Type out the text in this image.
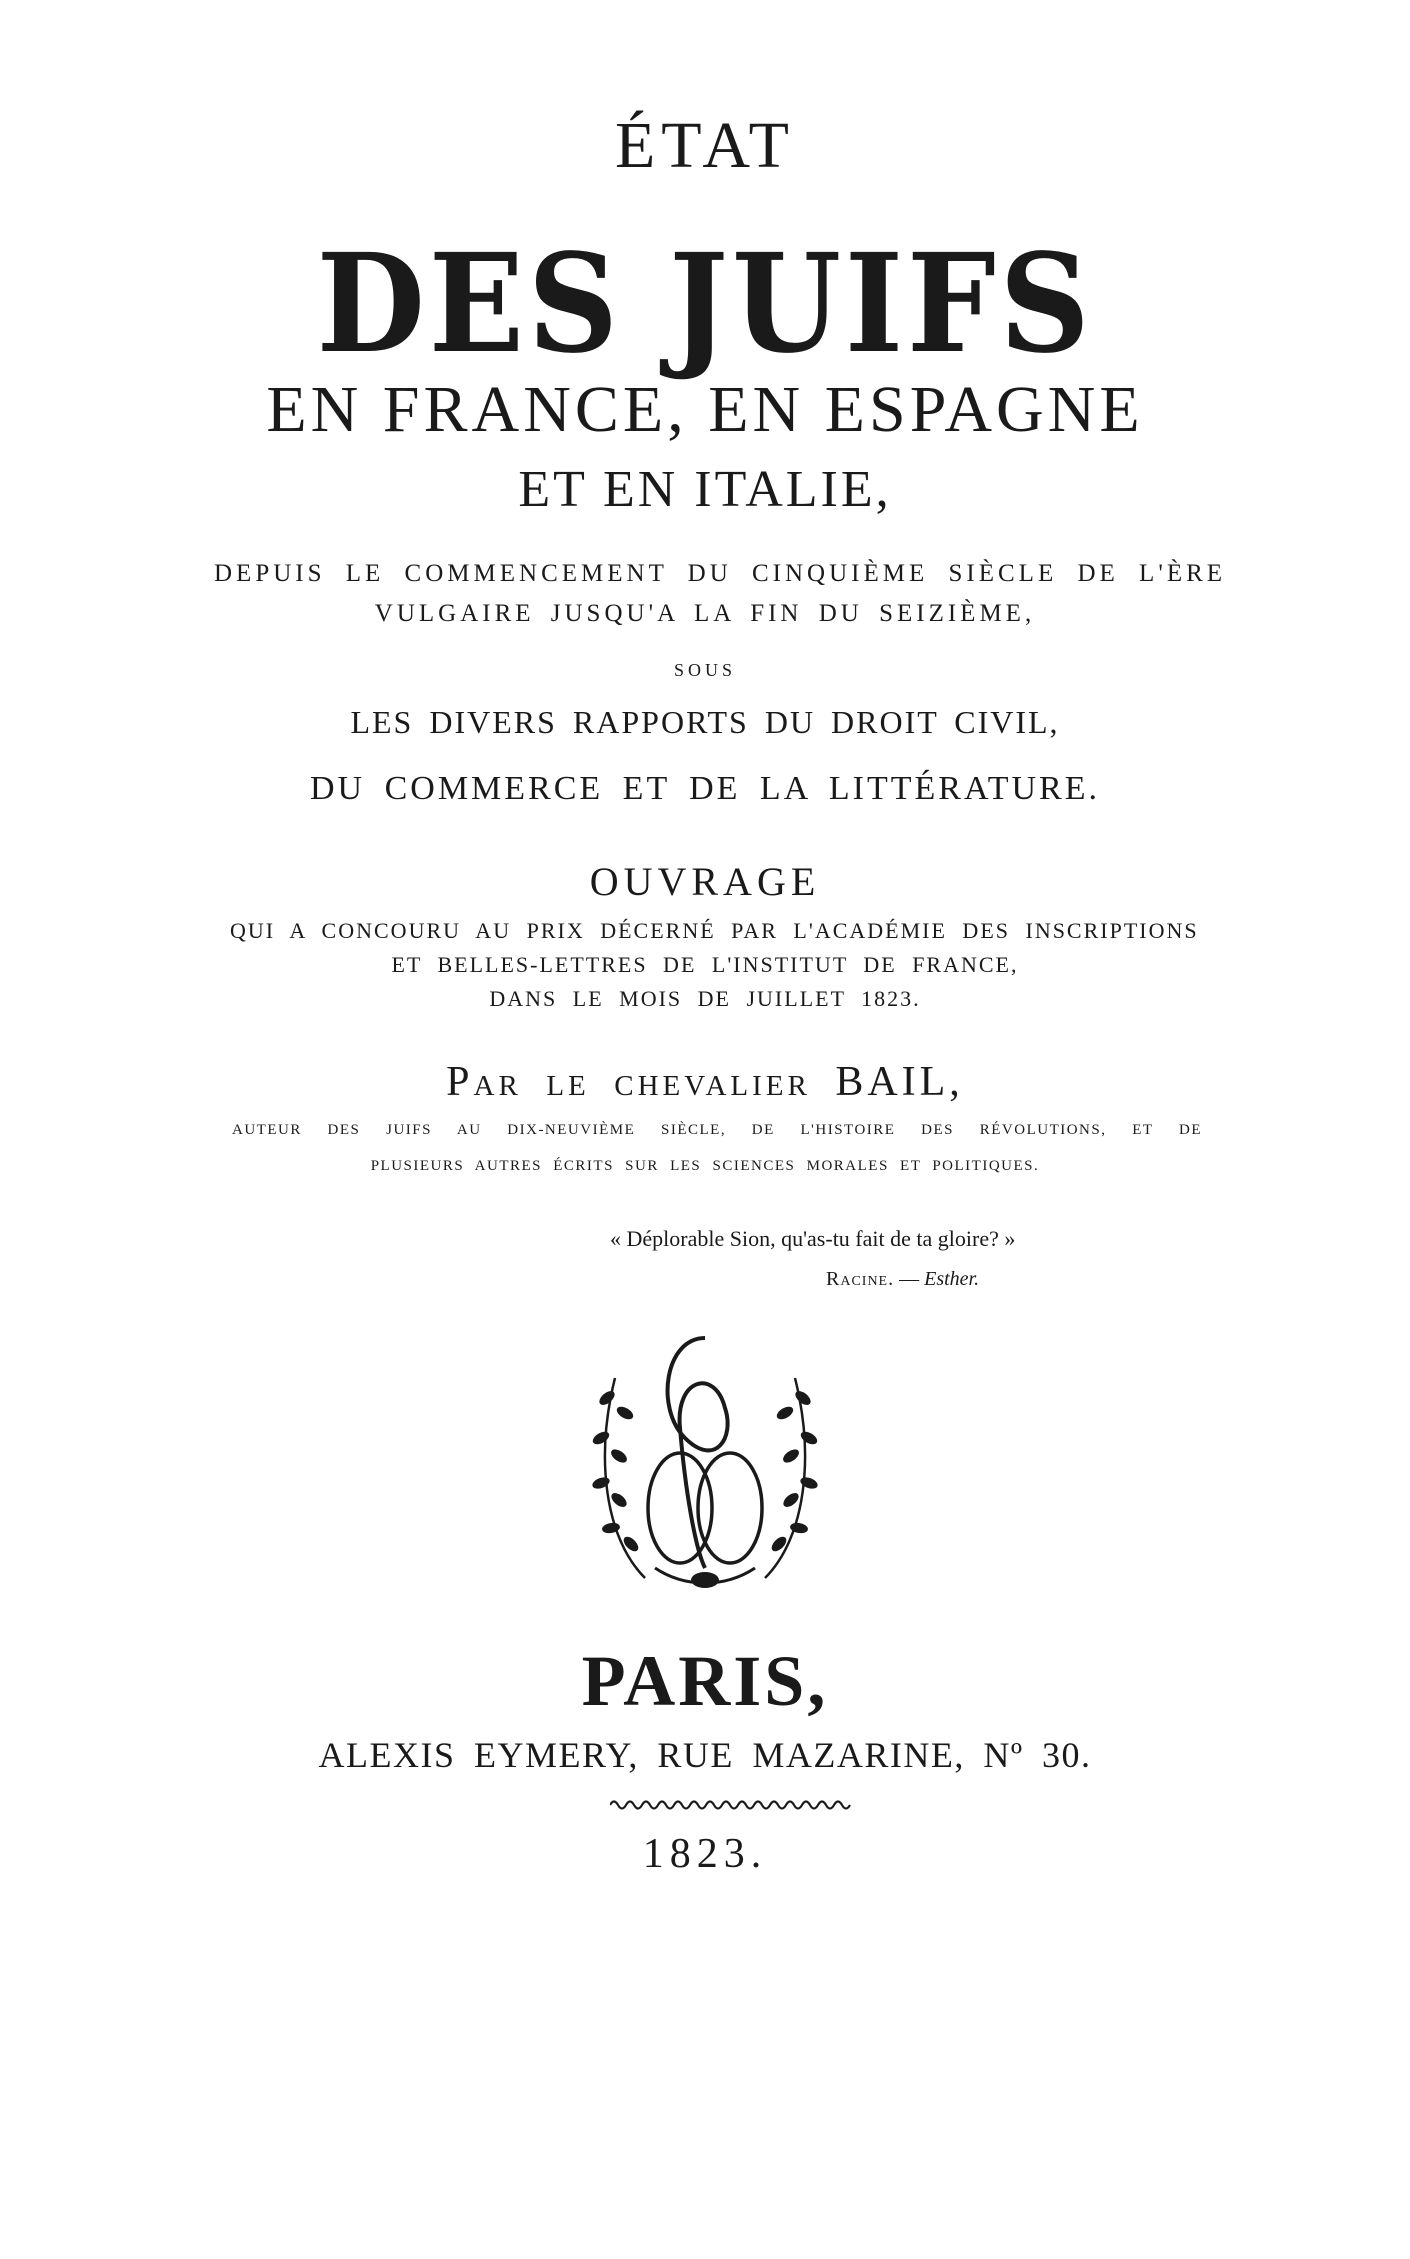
ÉTAT
DES JUIFS
EN FRANCE, EN ESPAGNE
ET EN ITALIE,
DEPUIS LE COMMENCEMENT DU CINQUIÈME SIÈCLE DE L'ÈRE
VULGAIRE JUSQU'A LA FIN DU SEIZIÈME,
SOUS
LES DIVERS RAPPORTS DU DROIT CIVIL,
DU COMMERCE ET DE LA LITTÉRATURE.
OUVRAGE
QUI A CONCOURU AU PRIX DÉCERNÉ PAR L'ACADÉMIE DES INSCRIPTIONS
ET BELLES-LETTRES DE L'INSTITUT DE FRANCE,
DANS LE MOIS DE JUILLET 1823.
Par le chevalier BAIL,
AUTEUR DES JUIFS AU DIX-NEUVIÈME SIÈCLE, DE L'HISTOIRE DES RÉVOLUTIONS, ET DE
PLUSIEURS AUTRES ÉCRITS SUR LES SCIENCES MORALES ET POLITIQUES.
« Déplorable Sion, qu'as-tu fait de ta gloire? »
Racine. — Esther.
PARIS,
ALEXIS EYMERY, RUE MAZARINE, Nº 30.
1823.
